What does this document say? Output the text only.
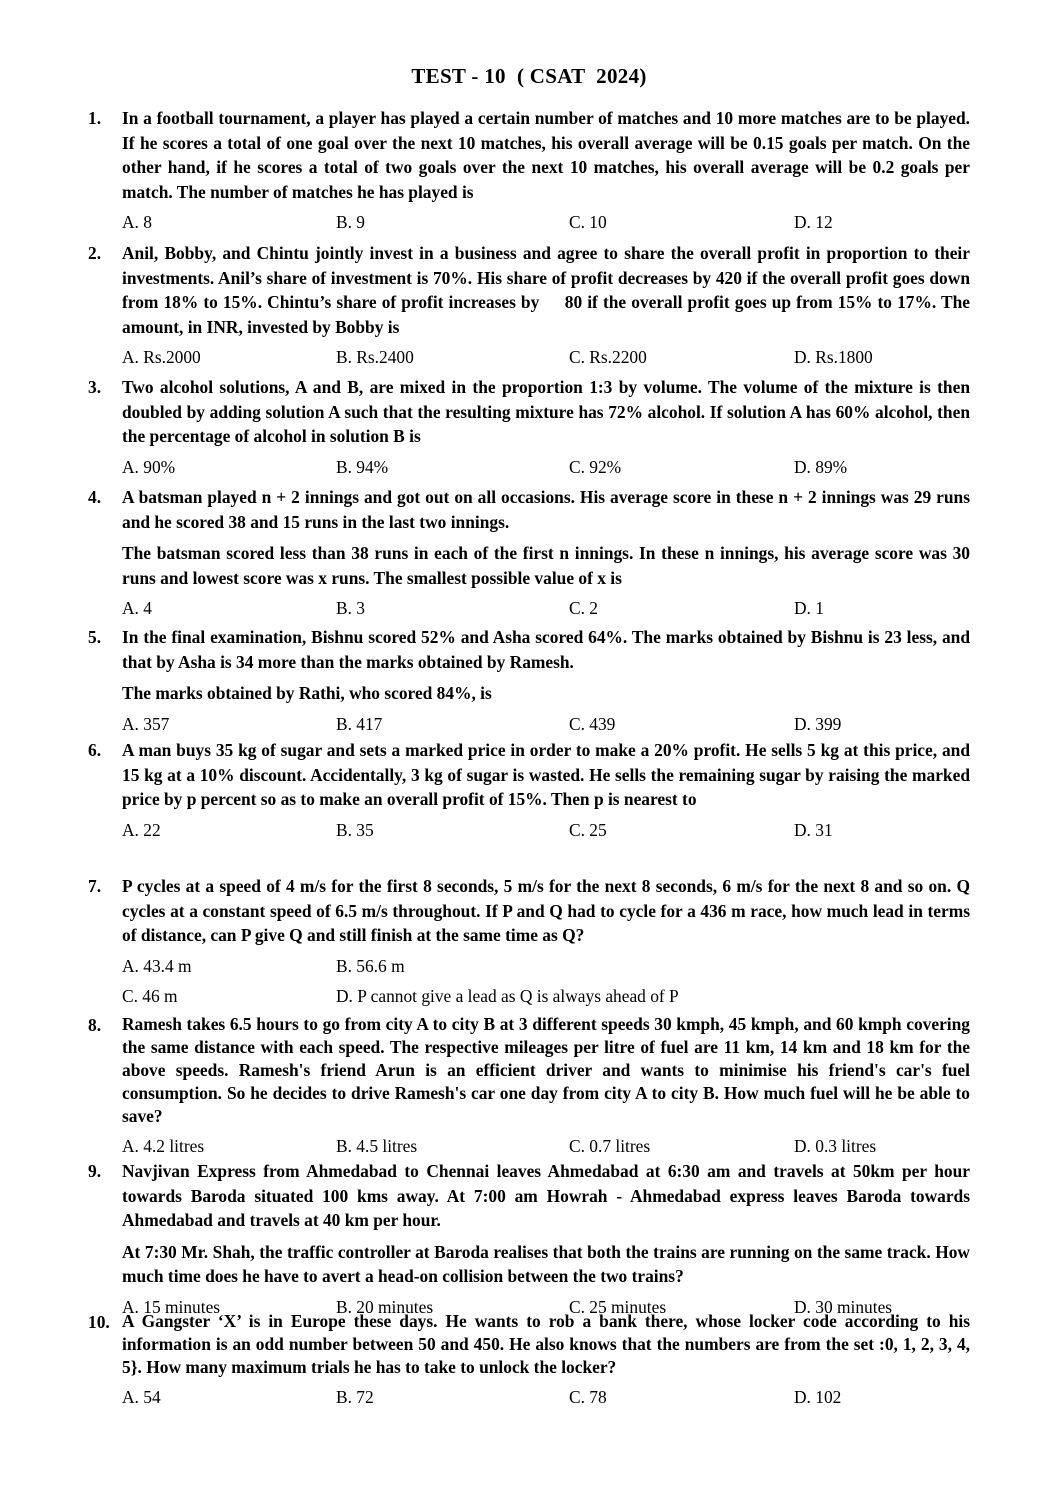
TEST - 10  ( CSAT  2024)
1.	In a football tournament, a player has played a certain number of matches and 10 more matches are to be played. If he scores a total of one goal over the next 10 matches, his overall average will be 0.15 goals per match. On the other hand, if he scores a total of two goals over the next 10 matches, his overall average will be 0.2 goals per match. The number of matches he has played is

A. 8	B. 9	C. 10	D. 12
2.	Anil, Bobby, and Chintu jointly invest in a business and agree to share the overall profit in proportion to their investments. Anil’s share of investment is 70%. His share of profit decreases by 420 if the overall profit goes down from 18% to 15%. Chintu’s share of profit increases by     80 if the overall profit goes up from 15% to 17%. The amount, in INR, invested by Bobby is

A. Rs.2000	B. Rs.2400	C. Rs.2200	D. Rs.1800
3.	Two alcohol solutions, A and B, are mixed in the proportion 1:3 by volume. The volume of the mixture is then doubled by adding solution A such that the resulting mixture has 72% alcohol. If solution A has 60% alcohol, then the percentage of alcohol in solution B is

A. 90%	B. 94%	C. 92%	D. 89%
4.	A batsman played n + 2 innings and got out on all occasions. His average score in these n + 2 innings was 29 runs and he scored 38 and 15 runs in the last two innings.

The batsman scored less than 38 runs in each of the first n innings. In these n innings, his average score was 30 runs and lowest score was x runs. The smallest possible value of x is

A. 4	B. 3	C. 2	D. 1
5.	In the final examination, Bishnu scored 52% and Asha scored 64%. The marks obtained by Bishnu is 23 less, and that by Asha is 34 more than the marks obtained by Ramesh.

The marks obtained by Rathi, who scored 84%, is

A. 357	B. 417	C. 439	D. 399
6.	A man buys 35 kg of sugar and sets a marked price in order to make a 20% profit. He sells 5 kg at this price, and 15 kg at a 10% discount. Accidentally, 3 kg of sugar is wasted. He sells the remaining sugar by raising the marked price by p percent so as to make an overall profit of 15%. Then p is nearest to

A. 22	B. 35	C. 25	D. 31
7.	P cycles at a speed of 4 m/s for the first 8 seconds, 5 m/s for the next 8 seconds, 6 m/s for the next 8 and so on. Q cycles at a constant speed of 6.5 m/s throughout. If P and Q had to cycle for a 436 m race, how much lead in terms of distance, can P give Q and still finish at the same time as Q?

A. 43.4 m	B. 56.6 m
C. 46 m	D. P cannot give a lead as Q is always ahead of P
8.	Ramesh takes 6.5 hours to go from city A to city B at 3 different speeds 30 kmph, 45 kmph, and 60 kmph covering the same distance with each speed. The respective mileages per litre of fuel are 11 km, 14 km and 18 km for the above speeds. Ramesh's friend Arun is an efficient driver and wants to minimise his friend's car's fuel consumption. So he decides to drive Ramesh's car one day from city A to city B. How much fuel will he be able to save?

A. 4.2 litres	B. 4.5 litres	C. 0.7 litres	D. 0.3 litres
9.	Navjivan Express from Ahmedabad to Chennai leaves Ahmedabad at 6:30 am and travels at 50km per hour towards Baroda situated 100 kms away. At 7:00 am Howrah - Ahmedabad express leaves Baroda towards Ahmedabad and travels at 40 km per hour.

At 7:30 Mr. Shah, the traffic controller at Baroda realises that both the trains are running on the same track. How much time does he have to avert a head-on collision between the two trains?

A. 15 minutes	B. 20 minutes	C. 25 minutes	D. 30 minutes
10. A Gangster ‘X’ is in Europe these days. He wants to rob a bank there, whose locker code according to his information is an odd number between 50 and 450. He also knows that the numbers are from the set :0, 1, 2, 3, 4, 5}. How many maximum trials he has to take to unlock the locker?

A. 54	B. 72	C. 78	D. 102
